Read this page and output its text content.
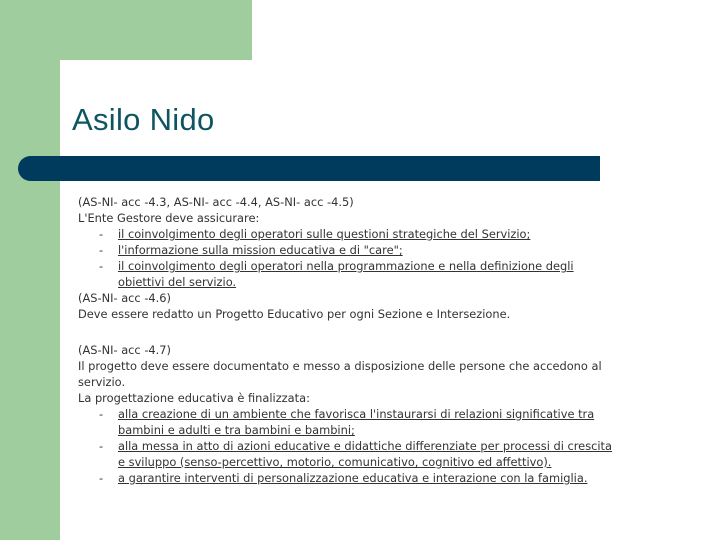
Asilo Nido

(AS-NI- acc -4.3, AS-NI- acc -4.4, AS-NI- acc -4.5)

L'Ente Gestore deve assicurare:

- il coinvolgimento degli operatori sulle questioni strategiche del Servizio;

- l'informazione sulla mission educativa e di "care";

- il coinvolgimento degli operatori nella programmazione e nella definizione degli obiettivi del servizio.

(AS-NI- acc -4.6)

Deve essere redatto un Progetto Educativo per ogni Sezione e Intersezione.

(AS-NI- acc -4.7)

Il progetto deve essere documentato e messo a disposizione delle persone che accedono al servizio.

La progettazione educativa è finalizzata:

- alla creazione di un ambiente che favorisca l'instaurarsi di relazioni significative tra bambini e adulti e tra bambini e bambini;

- alla messa in atto di azioni educative e didattiche differenziate per processi di crescita e sviluppo (senso-percettivo, motorio, comunicativo, cognitivo ed affettivo).

- a garantire interventi di personalizzazione educativa e interazione con la famiglia.
